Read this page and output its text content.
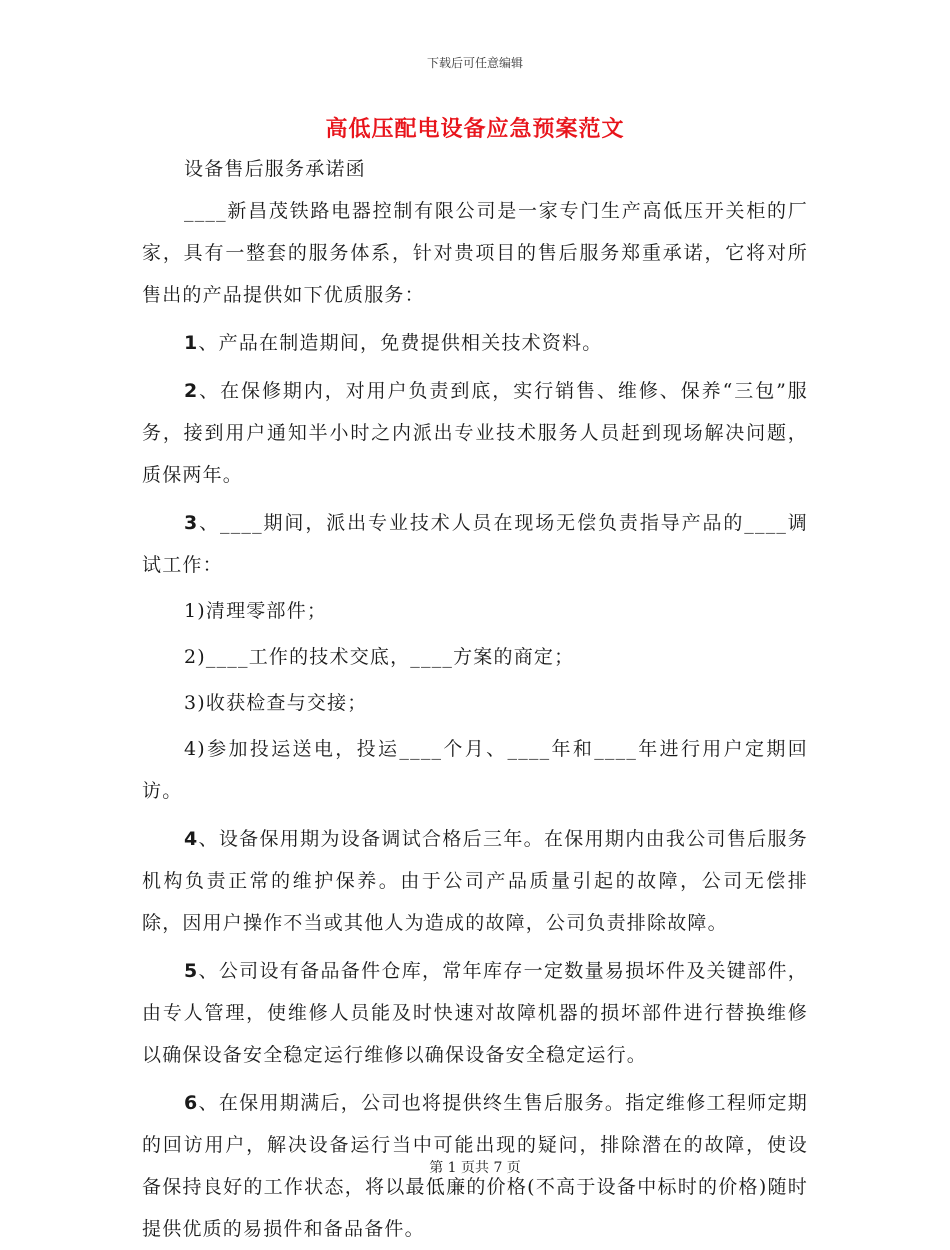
下载后可任意编辑
高低压配电设备应急预案范文

设备售后服务承诺函

____新昌茂铁路电器控制有限公司是一家专门生产高低压开关柜的厂家，具有一整套的服务体系，针对贵项目的售后服务郑重承诺，它将对所售出的产品提供如下优质服务：

1、产品在制造期间，免费提供相关技术资料。

2、在保修期内，对用户负责到底，实行销售、维修、保养“三包”服务，接到用户通知半小时之内派出专业技术服务人员赶到现场解决问题，质保两年。

3、____期间，派出专业技术人员在现场无偿负责指导产品的____调试工作：

1)清理零部件；

2)____工作的技术交底，____方案的商定；

3)收获检查与交接；

4)参加投运送电，投运____个月、____年和____年进行用户定期回访。

4、设备保用期为设备调试合格后三年。在保用期内由我公司售后服务机构负责正常的维护保养。由于公司产品质量引起的故障，公司无偿排除，因用户操作不当或其他人为造成的故障，公司负责排除故障。

5、公司设有备品备件仓库，常年库存一定数量易损坏件及关键部件，由专人管理，使维修人员能及时快速对故障机器的损坏部件进行替换维修以确保设备安全稳定运行维修以确保设备安全稳定运行。

6、在保用期满后，公司也将提供终生售后服务。指定维修工程师定期的回访用户，解决设备运行当中可能出现的疑问，排除潜在的故障，使设备保持良好的工作状态，将以最低廉的价格(不高于设备中标时的价格)随时提供优质的易损件和备品备件。

第 1 页共 7 页
